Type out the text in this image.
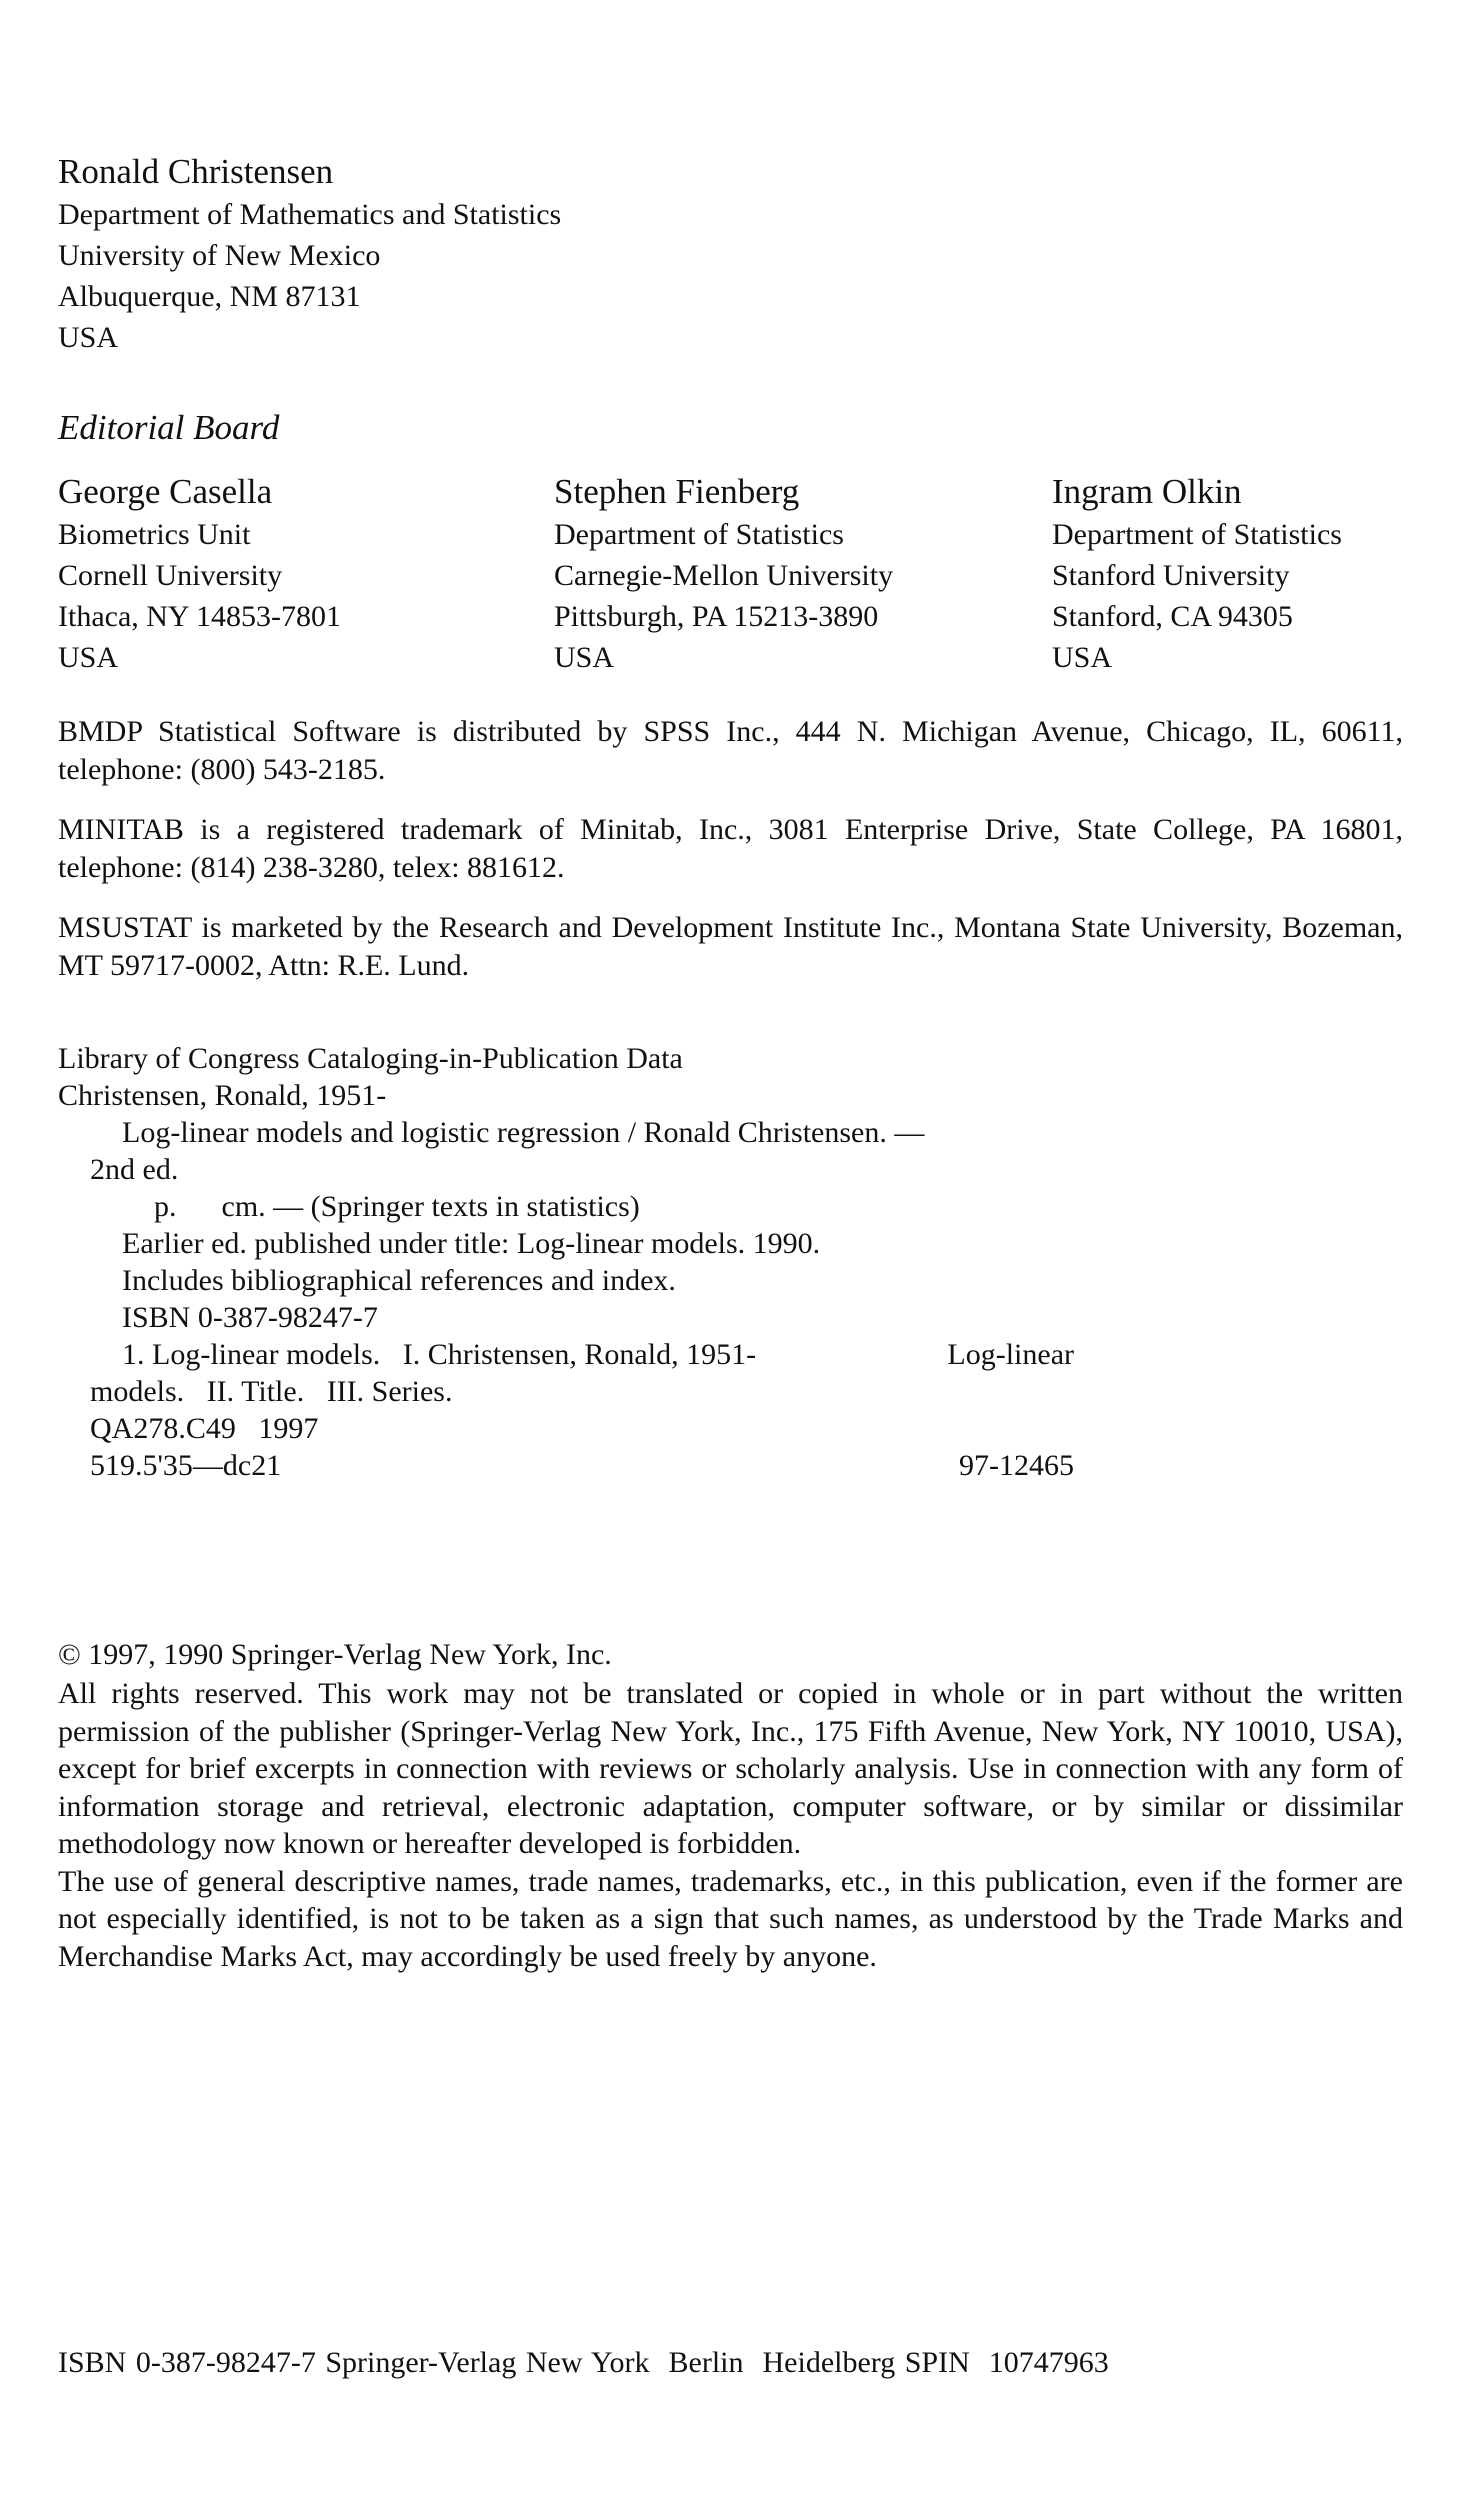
Ronald Christensen
Department of Mathematics and Statistics
University of New Mexico
Albuquerque, NM 87131
USA
Editorial Board
George Casella
Biometrics Unit
Cornell University
Ithaca, NY 14853-7801
USA
Stephen Fienberg
Department of Statistics
Carnegie-Mellon University
Pittsburgh, PA 15213-3890
USA
Ingram Olkin
Department of Statistics
Stanford University
Stanford, CA 94305
USA
BMDP Statistical Software is distributed by SPSS Inc., 444 N. Michigan Avenue, Chicago, IL, 60611, telephone: (800) 543-2185.
MINITAB is a registered trademark of Minitab, Inc., 3081 Enterprise Drive, State College, PA 16801, telephone: (814) 238-3280, telex: 881612.
MSUSTAT is marketed by the Research and Development Institute Inc., Montana State University, Bozeman, MT 59717-0002, Attn: R.E. Lund.
Library of Congress Cataloging-in-Publication Data
Christensen, Ronald, 1951-
Log-linear models and logistic regression / Ronald Christensen. —
2nd ed.
p.      cm. — (Springer texts in statistics)
Earlier ed. published under title: Log-linear models. 1990.
Includes bibliographical references and index.
ISBN 0-387-98247-7
1. Log-linear models.   I. Christensen, Ronald, 1951-	Log-linear
models.   II. Title.   III. Series.
QA278.C49   1997
519.5'35—dc21	97-12465
© 1997, 1990 Springer-Verlag New York, Inc.
All rights reserved. This work may not be translated or copied in whole or in part without the written permission of the publisher (Springer-Verlag New York, Inc., 175 Fifth Avenue, New York, NY 10010, USA), except for brief excerpts in connection with reviews or scholarly analysis. Use in connection with any form of information storage and retrieval, electronic adaptation, computer software, or by similar or dissimilar methodology now known or hereafter developed is forbidden.
The use of general descriptive names, trade names, trademarks, etc., in this publication, even if the former are not especially identified, is not to be taken as a sign that such names, as understood by the Trade Marks and Merchandise Marks Act, may accordingly be used freely by anyone.
ISBN 0-387-98247-7 Springer-Verlag New York  Berlin  Heidelberg SPIN  10747963
